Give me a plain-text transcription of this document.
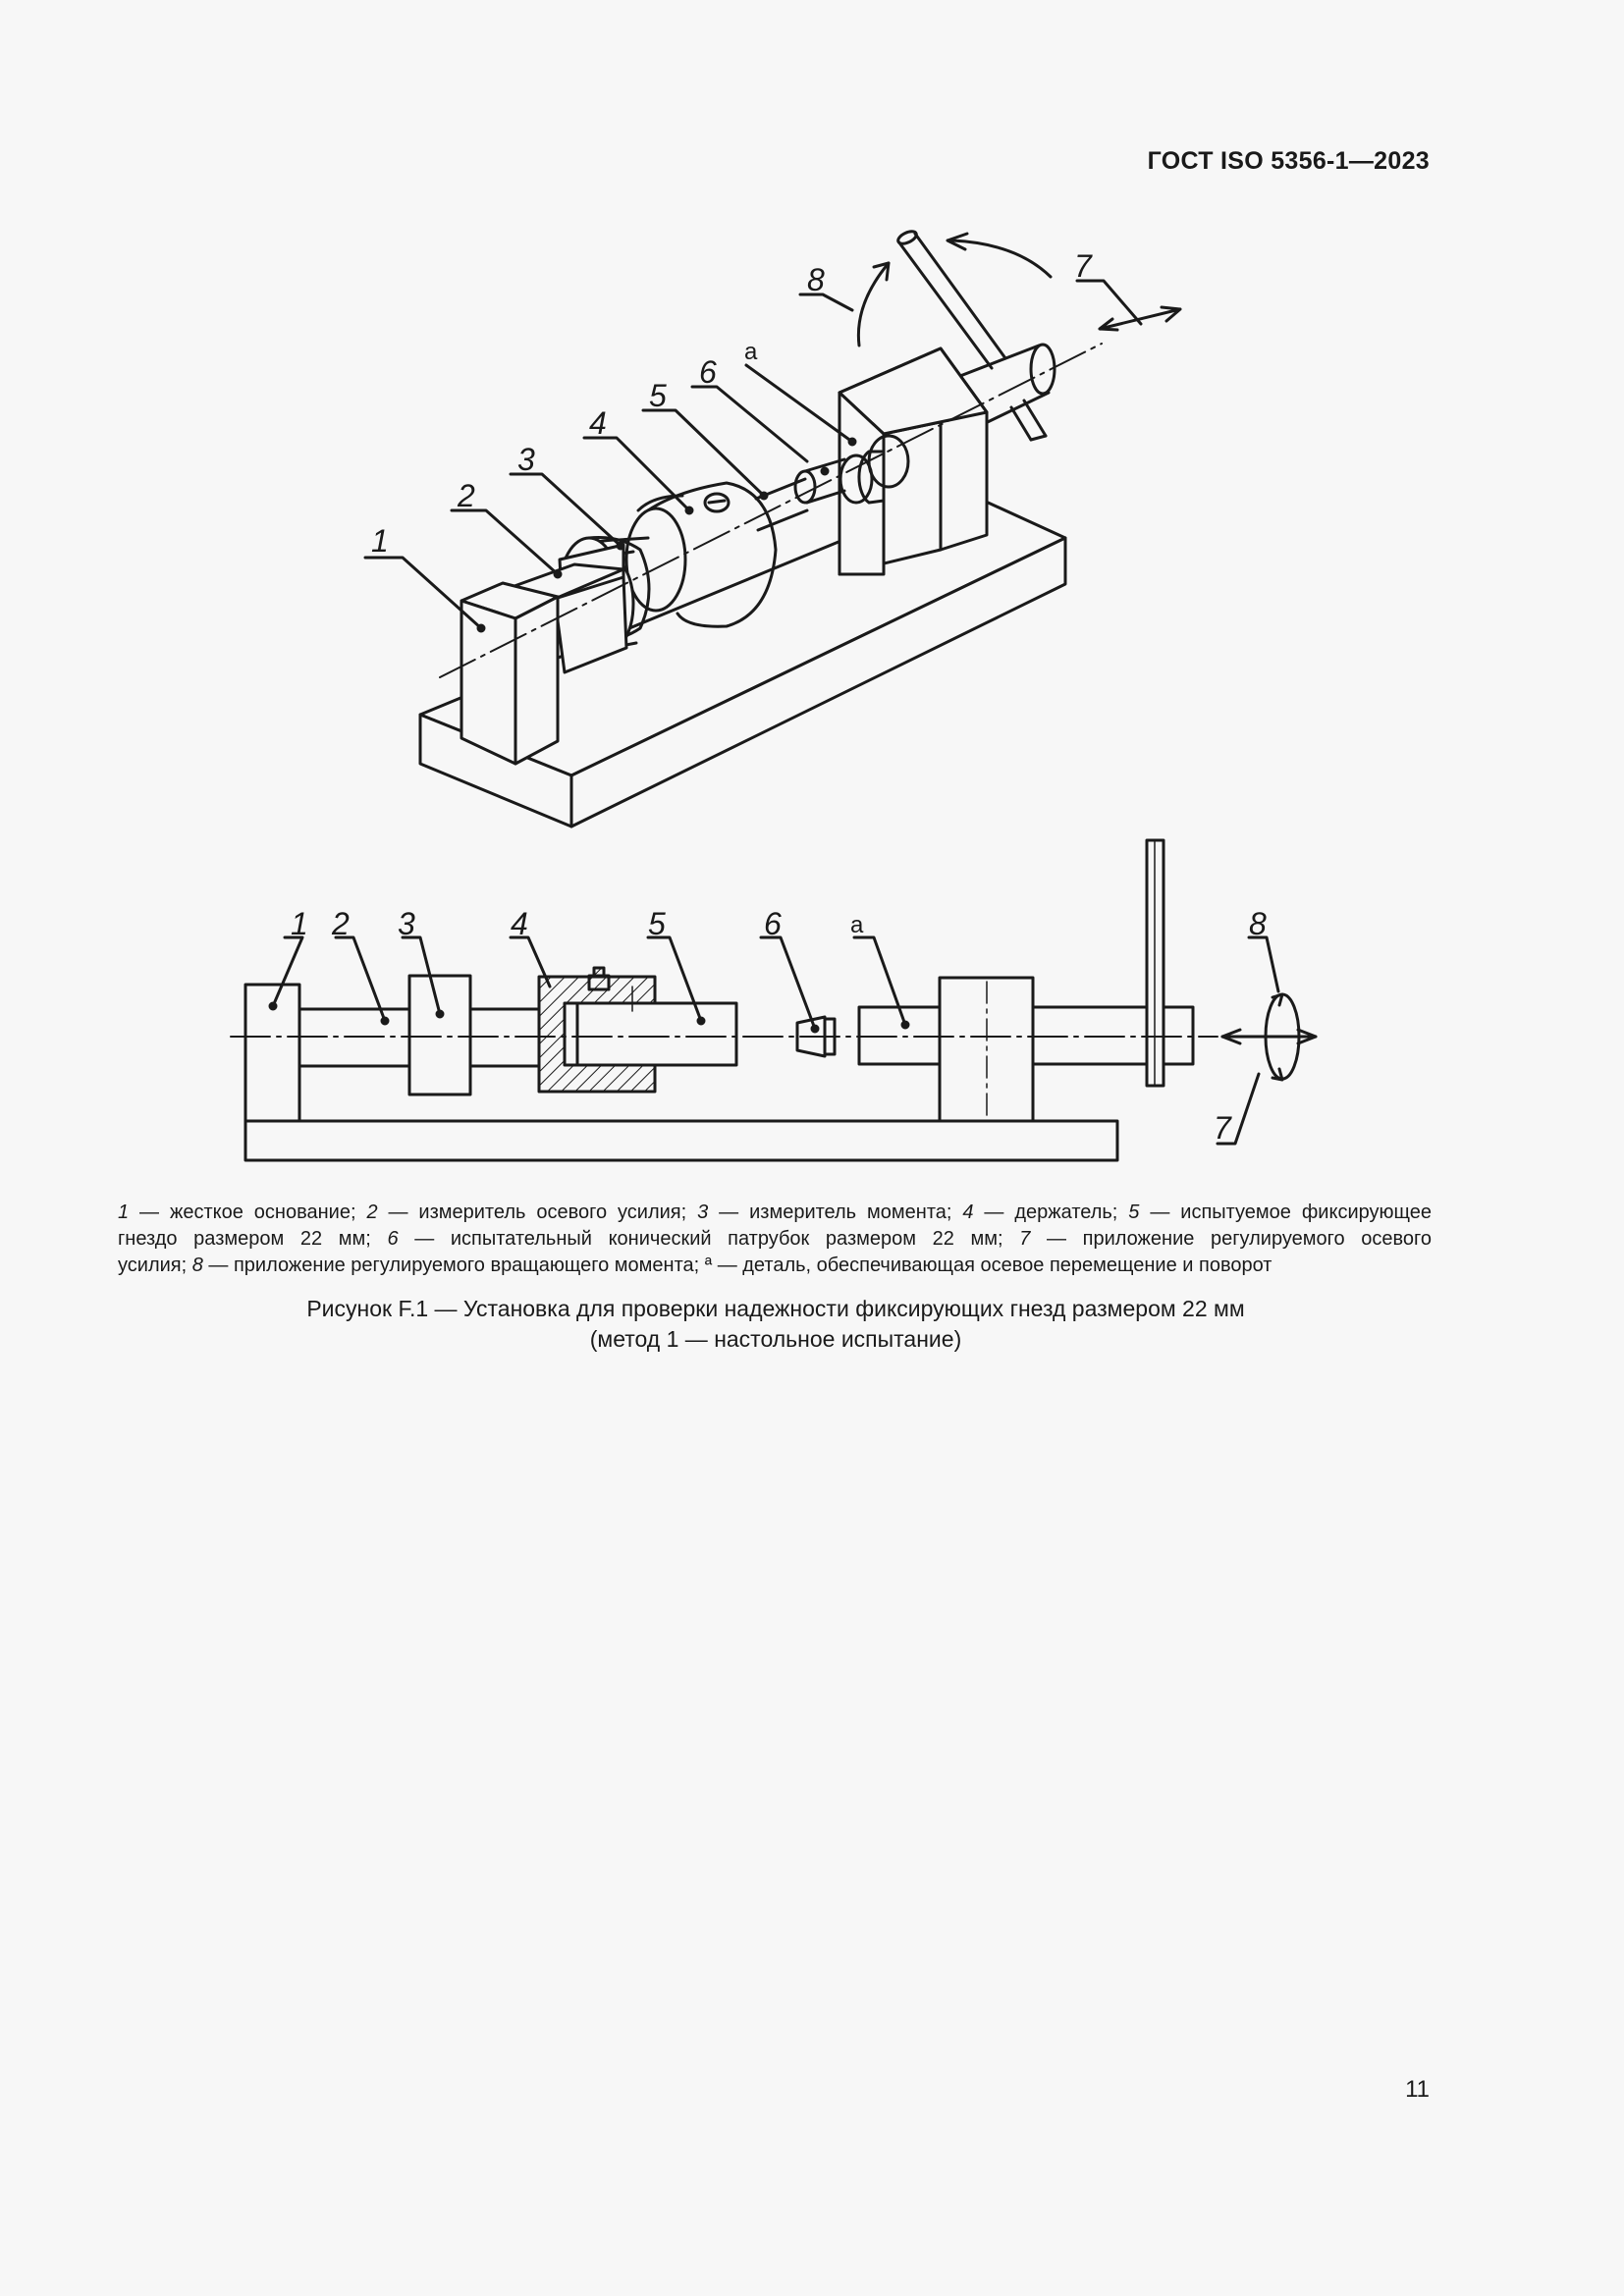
ГОСТ ISO 5356-1—2023
1
2
3
4
5
6
a
7
8
1 2 3	4	5	6	a	8
7
1 — жесткое основание; 2 — измеритель осевого усилия; 3 — измеритель момента; 4 — держатель; 5 — испытуемое фиксирующее
гнездо размером 22 мм; 6 — испытательный конический патрубок размером 22 мм; 7 — приложение регулируемого осевого
усилия; 8 — приложение регулируемого вращающего момента; ª — деталь, обеспечивающая осевое перемещение и поворот
Рисунок F.1 — Установка для проверки надежности фиксирующих гнезд размером 22 мм
(метод 1 — настольное испытание)
11
